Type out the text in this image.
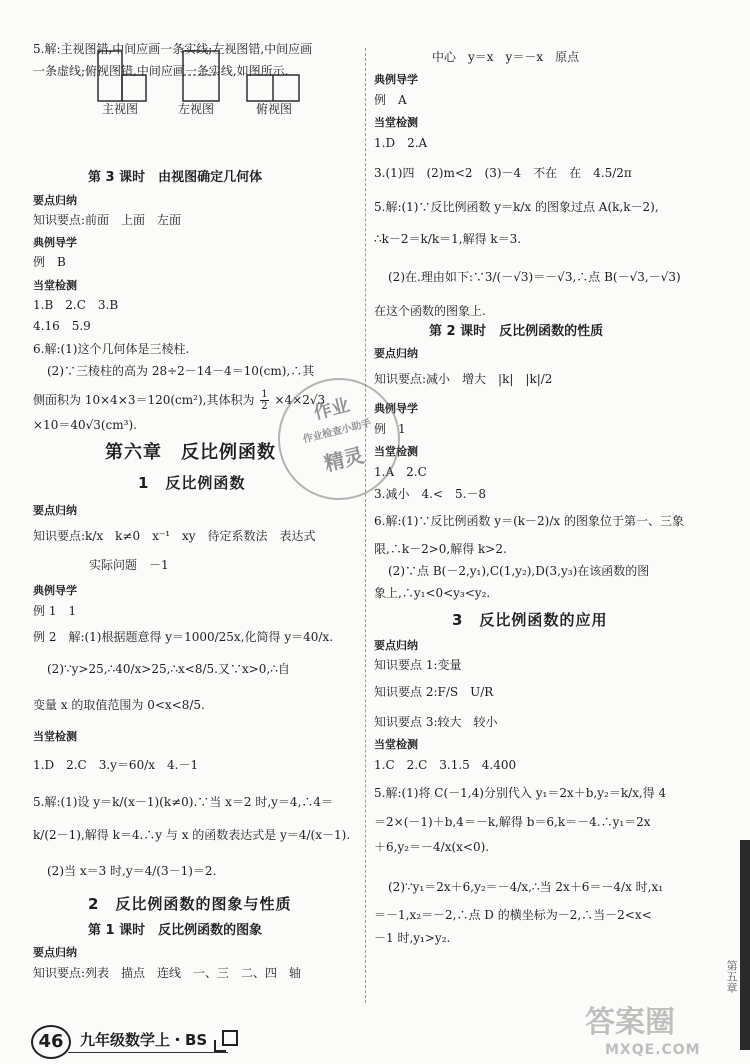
5.解:主视图错,中间应画一条实线;左视图错,中间应画
一条虚线;俯视图错,中间应画一条实线,如图所示.
主视图	左视图	俯视图
第 3 课时　由视图确定几何体
要点归纳
知识要点:前面　上面　左面
典例导学
例　B
当堂检测
1.B　2.C　3.B
4.16　5.9
6.解:(1)这个几何体是三棱柱.
(2)∵三棱柱的高为 28÷2－14－4＝10(cm),∴其
侧面积为 10×4×3＝120(cm²),其体积为 $\frac{1}{2} \times 4\times 2√3$
×10＝40√3(cm³).
第六章　反比例函数
1　反比例函数
要点归纳
知识要点:k/x　k≠0　x⁻¹　xy　待定系数法　表达式
实际问题　－1
典例导学
例 1　1
例 2　解:(1)根据题意得 y＝1000/25x,化简得 y＝40/x.
(2)∵y>25,∴40/x>25,∴x<8/5.又∵x>0,∴自
变量 x 的取值范围为 0<x<8/5.
当堂检测
1.D　2.C　3.y＝60/x　4.－1
5.解:(1)设 y＝k/(x－1)(k≠0).∵当 x＝2 时,y＝4,∴4＝
k/(2－1),解得 k＝4.∴y 与 x 的函数表达式是 y＝4/(x－1).
(2)当 x＝3 时,y＝4/(3－1)＝2.
2　反比例函数的图象与性质
第 1 课时　反比例函数的图象
要点归纳
知识要点:列表　描点　连线　一、三　二、四　轴
中心　y＝x　y＝－x　原点
典例导学
例　A
当堂检测
1.D　2.A
3.(1)四　(2)m<2　(3)－4　不在　在　4.5/2π
5.解:(1)∵反比例函数 y＝k/x 的图象过点 A(k,k－2),
∴k－2＝k/k＝1,解得 k＝3.
(2)在.理由如下:∵3/(－√3)＝－√3,∴点 B(－√3,－√3)
在这个函数的图象上.
第 2 课时　反比例函数的性质
要点归纳
知识要点:减小　增大　|k|　|k|/2
典例导学
例　1
当堂检测
1.A　2.C
3.减小　4.<　5.－8
6.解:(1)∵反比例函数 y＝(k－2)/x 的图象位于第一、三象
限,∴k－2>0,解得 k>2.
(2)∵点 B(－2,y₁),C(1,y₂),D(3,y₃)在该函数的图
象上,∴y₁<0<y₃<y₂.
3　反比例函数的应用
要点归纳
知识要点 1:变量
知识要点 2:F/S　U/R
知识要点 3:较大　较小
当堂检测
1.C　2.C　3.1.5　4.400
5.解:(1)将 C(－1,4)分别代入 y₁＝2x＋b,y₂＝k/x,得 4
＝2×(－1)＋b,4＝－k,解得 b＝6,k＝－4.∴y₁＝2x
＋6,y₂＝－4/x(x<0).
(2)∵y₁＝2x＋6,y₂＝－4/x,∴当 2x＋6＝－4/x 时,x₁
＝－1,x₂＝－2,∴点 D 的横坐标为－2,∴当－2<x<
－1 时,y₁>y₂.
作业
作业检查小助手
精灵
46	九年级数学上・BS	答案圈
MXQE.COM
第五章
